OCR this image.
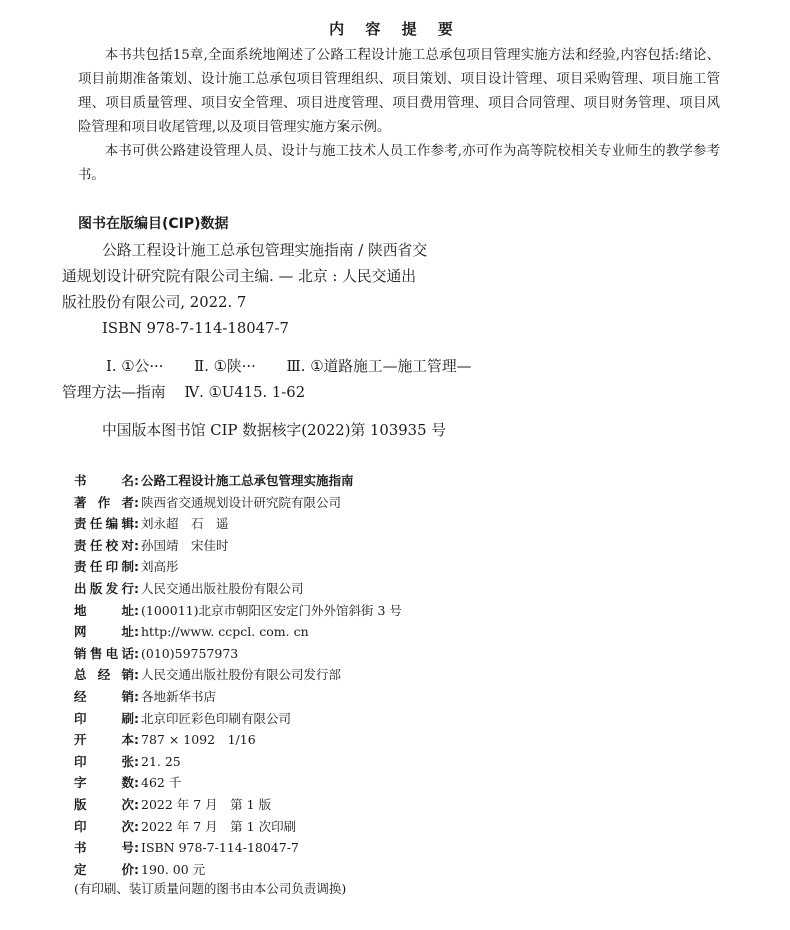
内 容 提 要

本书共包括15章,全面系统地阐述了公路工程设计施工总承包项目管理实施方法和经验,内容包括:绪论、项目前期准备策划、设计施工总承包项目管理组织、项目策划、项目设计管理、项目采购管理、项目施工管理、项目质量管理、项目安全管理、项目进度管理、项目费用管理、项目合同管理、项目财务管理、项目风险管理和项目收尾管理,以及项目管理实施方案示例。

本书可供公路建设管理人员、设计与施工技术人员工作参考,亦可作为高等院校相关专业师生的教学参考书。

图书在版编目(CIP)数据
公路工程设计施工总承包管理实施指南 / 陕西省交
通规划设计研究院有限公司主编. — 北京 : 人民交通出
版社股份有限公司, 2022. 7
ISBN 978-7-114-18047-7
Ⅰ. ①公··· Ⅱ. ①陕··· Ⅲ. ①道路施工—施工管理—
管理方法—指南 Ⅳ. ①U415. 1-62
中国版本图书馆 CIP 数据核字(2022)第 103935 号
书	名 : 公路工程设计施工总承包管理实施指南
著 作 者 : 陕西省交通规划设计研究院有限公司
责 任 编 辑 : 刘永超　石　遥
责 任 校 对 : 孙国靖　宋佳时
责 任 印 制 : 刘高彤
出 版 发 行 : 人民交通出版社股份有限公司
地	址 : (100011)北京市朝阳区安定门外外馆斜街 3 号
网	址 : http://www. ccpcl. com. cn
销 售 电 话 : (010)59757973
总 经 销 : 人民交通出版社股份有限公司发行部
经	销 : 各地新华书店
印	刷 : 北京印匠彩色印刷有限公司
开	本 : 787 × 1092　1/16
印	张 : 21. 25
字	数 : 462 千
版	次 : 2022 年 7 月　第 1 版
印	次 : 2022 年 7 月　第 1 次印刷
书	号 : ISBN 978-7-114-18047-7
定	价 : 190. 00 元
(有印刷、装订质量问题的图书由本公司负责调换)
